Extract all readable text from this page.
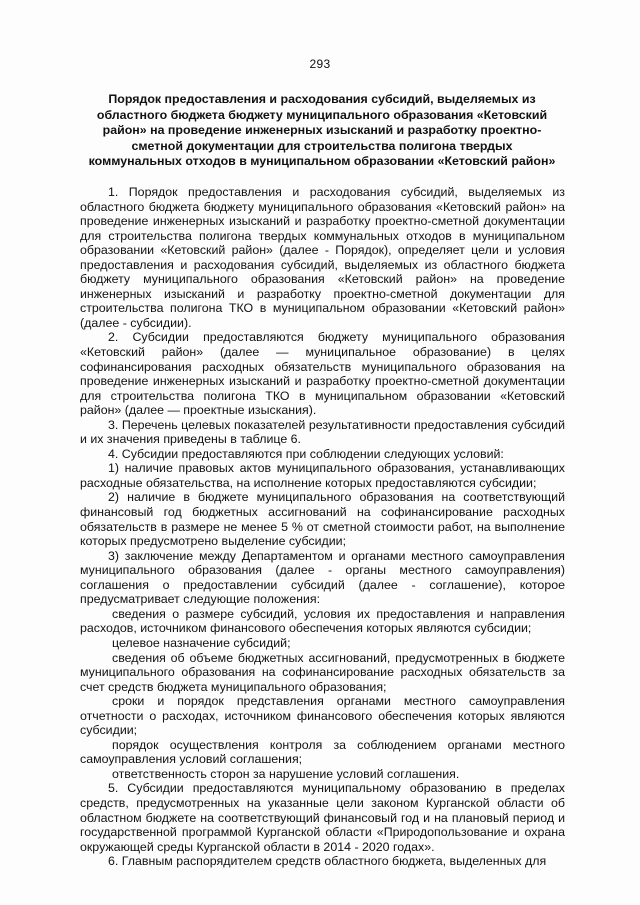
293
Порядок предоставления и расходования субсидий, выделяемых из областного бюджета бюджету муниципального образования «Кетовский район» на проведение инженерных изысканий и разработку проектно-сметной документации для строительства полигона твердых коммунальных отходов в муниципальном образовании «Кетовский район»

1. Порядок предоставления и расходования субсидий, выделяемых из областного бюджета бюджету муниципального образования «Кетовский район» на проведение инженерных изысканий и разработку проектно-сметной документации для строительства полигона твердых коммунальных отходов в муниципальном образовании «Кетовский район» (далее - Порядок), определяет цели и условия предоставления и расходования субсидий, выделяемых из областного бюджета бюджету муниципального образования «Кетовский район» на проведение инженерных изысканий и разработку проектно-сметной документации для строительства полигона ТКО в муниципальном образовании «Кетовский район» (далее - субсидии).

2. Субсидии предоставляются бюджету муниципального образования «Кетовский район» (далее — муниципальное образование) в целях софинансирования расходных обязательств муниципального образования на проведение инженерных изысканий и разработку проектно-сметной документации для строительства полигона ТКО в муниципальном образовании «Кетовский район» (далее — проектные изыскания).

3. Перечень целевых показателей результативности предоставления субсидий и их значения приведены в таблице 6.

4. Субсидии предоставляются при соблюдении следующих условий:

1) наличие правовых актов муниципального образования, устанавливающих расходные обязательства, на исполнение которых предоставляются субсидии;

2) наличие в бюджете муниципального образования на соответствующий финансовый год бюджетных ассигнований на софинансирование расходных обязательств в размере не менее 5 % от сметной стоимости работ, на выполнение которых предусмотрено выделение субсидии;

3) заключение между Департаментом и органами местного самоуправления муниципального образования (далее - органы местного самоуправления) соглашения о предоставлении субсидий (далее - соглашение), которое предусматривает следующие положения:

сведения о размере субсидий, условия их предоставления и направления расходов, источником финансового обеспечения которых являются субсидии;

целевое назначение субсидий;

сведения об объеме бюджетных ассигнований, предусмотренных в бюджете муниципального образования на софинансирование расходных обязательств за счет средств бюджета муниципального образования;

сроки и порядок представления органами местного самоуправления отчетности о расходах, источником финансового обеспечения которых являются субсидии;

порядок осуществления контроля за соблюдением органами местного самоуправления условий соглашения;

ответственность сторон за нарушение условий соглашения.

5. Субсидии предоставляются муниципальному образованию в пределах средств, предусмотренных на указанные цели законом Курганской области об областном бюджете на соответствующий финансовый год и на плановый период и государственной программой Курганской области «Природопользование и охрана окружающей среды Курганской области в 2014 - 2020 годах».

6. Главным распорядителем средств областного бюджета, выделенных для
